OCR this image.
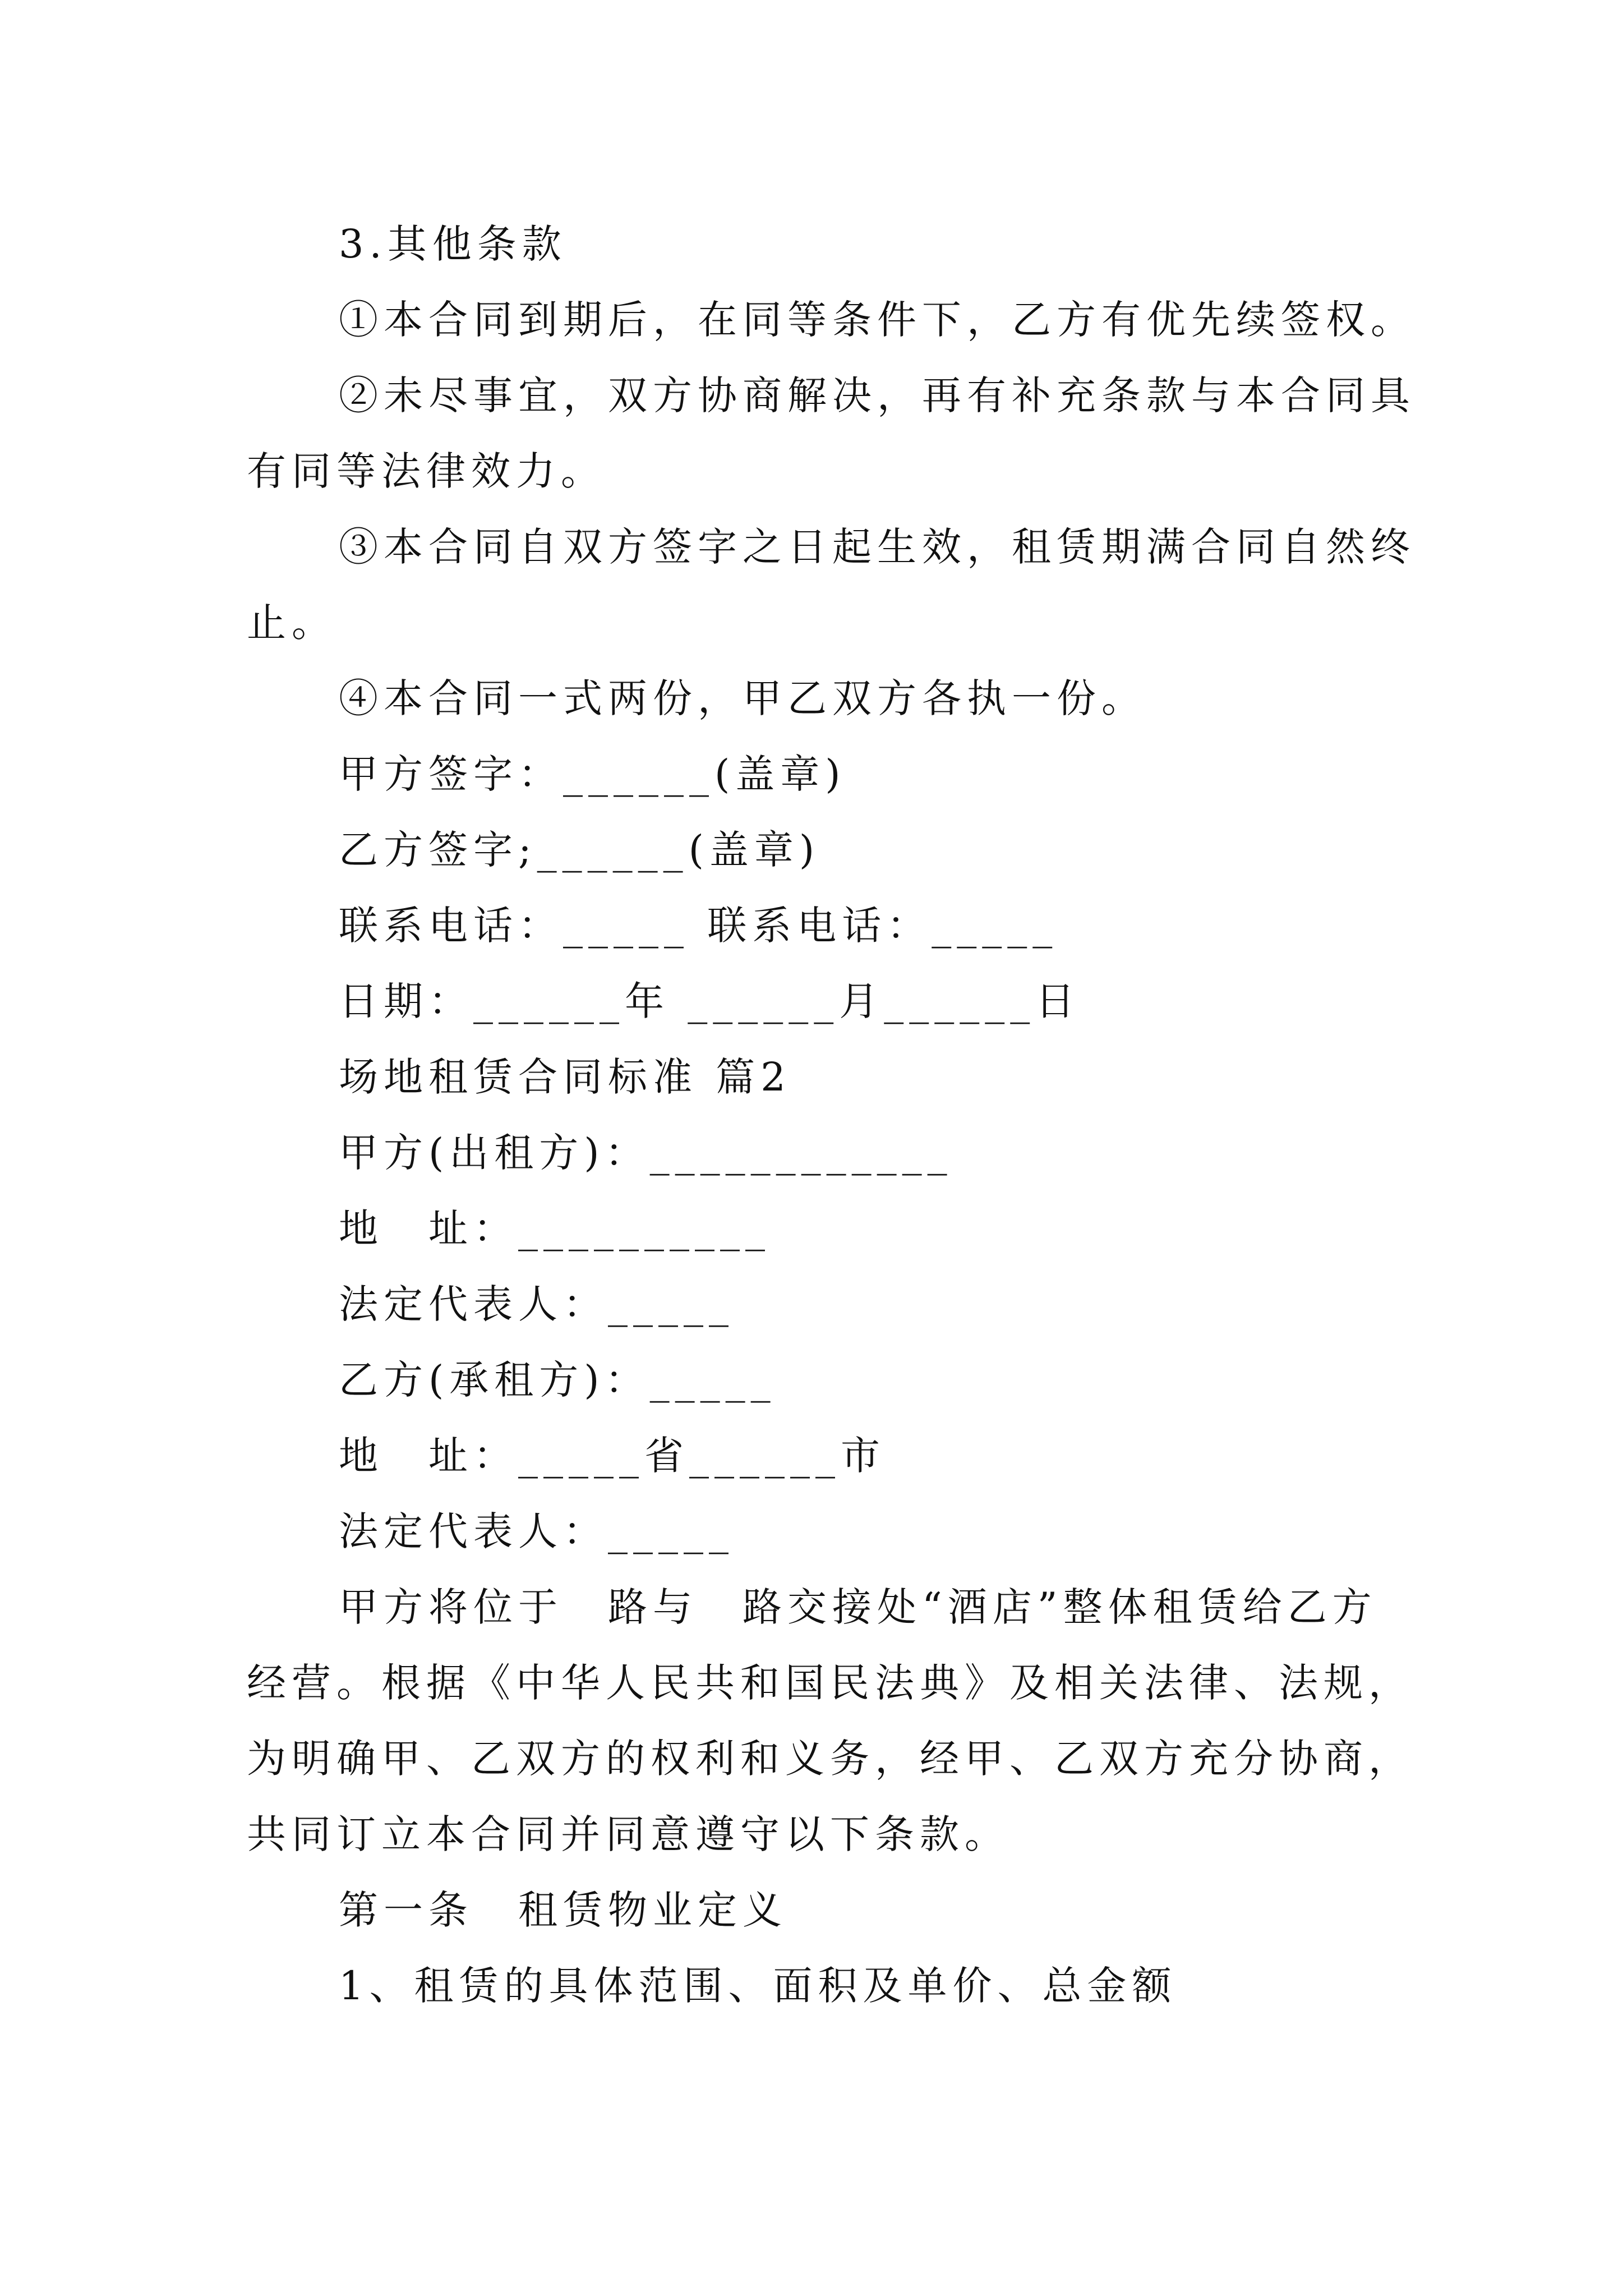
3.其他条款
①本合同到期后，在同等条件下，乙方有优先续签权。
②未尽事宜，双方协商解决，再有补充条款与本合同具
有同等法律效力。
③本合同自双方签字之日起生效，租赁期满合同自然终
止。
④本合同一式两份，甲乙双方各执一份。
甲方签字：______(盖章)
乙方签字;______(盖章)
联系电话：_____ 联系电话：_____
日期：______年 ______月______日
场地租赁合同标准 篇2
甲方(出租方)：____________
地　址：__________
法定代表人：_____
乙方(承租方)：_____
地　址：_____省______市
法定代表人：_____
甲方将位于　路与　路交接处“酒店”整体租赁给乙方
经营。根据《中华人民共和国民法典》及相关法律、法规，
为明确甲、乙双方的权利和义务，经甲、乙双方充分协商，
共同订立本合同并同意遵守以下条款。
第一条　租赁物业定义
1、租赁的具体范围、面积及单价、总金额
